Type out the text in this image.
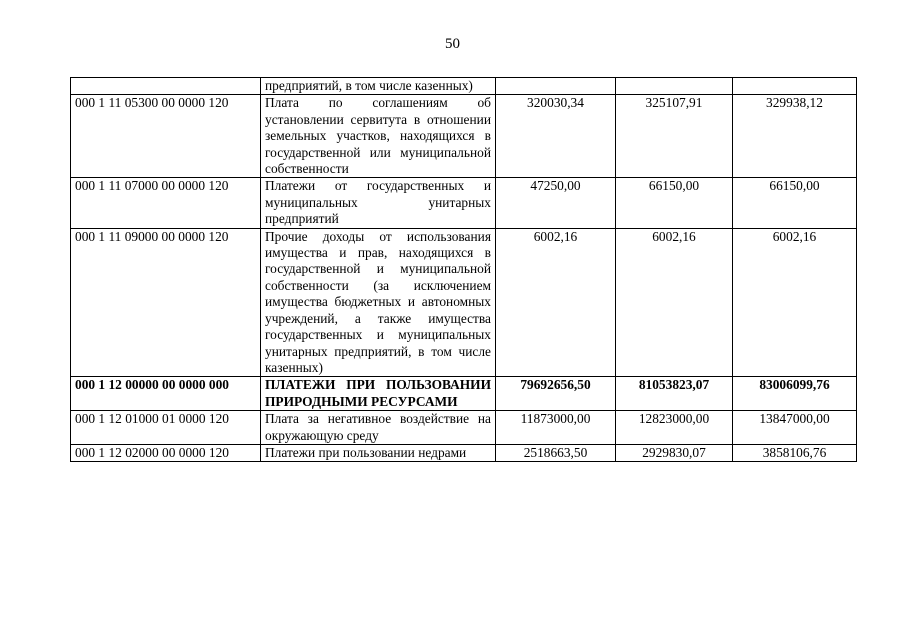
50
	предприятий, в том числе казенных)			
000 1 11 05300 00 0000 120	Плата по соглашениям об установлении сервитута в отношении земельных участков, находящихся в государственной или муниципальной собственности	320030,34	325107,91	329938,12
000 1 11 07000 00 0000 120	Платежи от государственных и муниципальных унитарных предприятий	47250,00	66150,00	66150,00
000 1 11 09000 00 0000 120	Прочие доходы от использования имущества и прав, находящихся в государственной и муниципальной собственности (за исключением имущества бюджетных и автономных учреждений, а также имущества государственных и муниципальных унитарных предприятий, в том числе казенных)	6002,16	6002,16	6002,16
000 1 12 00000 00 0000 000	ПЛАТЕЖИ ПРИ ПОЛЬЗОВАНИИ ПРИРОДНЫМИ РЕСУРСАМИ	79692656,50	81053823,07	83006099,76
000 1 12 01000 01 0000 120	Плата за негативное воздействие на окружающую среду	11873000,00	12823000,00	13847000,00
000 1 12 02000 00 0000 120	Платежи при пользовании недрами	2518663,50	2929830,07	3858106,76
